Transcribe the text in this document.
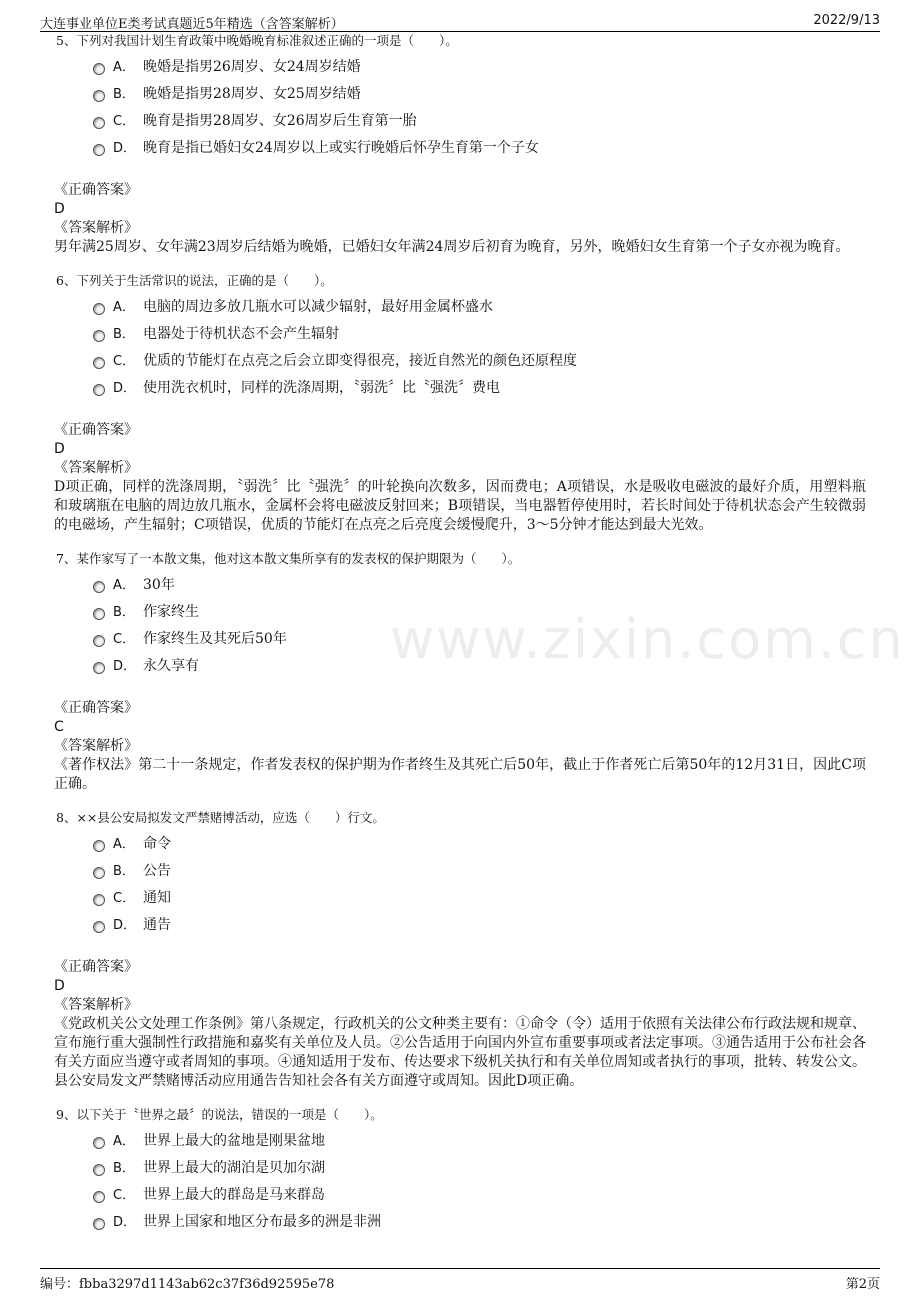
大连事业单位E类考试真题近5年精选（含答案解析）	2022/9/13
www.zixin.com.cn
5、下列对我国计划生育政策中晚婚晚育标准叙述正确的一项是（　　）。
A． 晚婚是指男26周岁、女24周岁结婚
B． 晚婚是指男28周岁、女25周岁结婚
C． 晚育是指男28周岁、女26周岁后生育第一胎
D． 晚育是指已婚妇女24周岁以上或实行晚婚后怀孕生育第一个子女
《正确答案》
D
《答案解析》
男年满25周岁、女年满23周岁后结婚为晚婚，已婚妇女年满24周岁后初育为晚育，另外，晚婚妇女生育第一个子女亦视为晚育。
6、下列关于生活常识的说法，正确的是（　　）。
A． 电脑的周边多放几瓶水可以减少辐射，最好用金属杯盛水
B． 电器处于待机状态不会产生辐射
C． 优质的节能灯在点亮之后会立即变得很亮，接近自然光的颜色还原程度
D． 使用洗衣机时，同样的洗涤周期，〝弱洗〞比〝强洗〞费电
《正确答案》
D
《答案解析》
D项正确，同样的洗涤周期，〝弱洗〞比〝强洗〞的叶轮换向次数多，因而费电；A项错误，水是吸收电磁波的最好介质，用塑料瓶和玻璃瓶在电脑的周边放几瓶水，金属杯会将电磁波反射回来；B项错误，当电器暂停使用时，若长时间处于待机状态会产生较微弱的电磁场，产生辐射；C项错误，优质的节能灯在点亮之后亮度会缓慢爬升，3～5分钟才能达到最大光效。
7、某作家写了一本散文集，他对这本散文集所享有的发表权的保护期限为（　　）。
A． 30年
B． 作家终生
C． 作家终生及其死后50年
D． 永久享有
《正确答案》
C
《答案解析》
《著作权法》第二十一条规定，作者发表权的保护期为作者终生及其死亡后50年，截止于作者死亡后第50年的12月31日，因此C项正确。
8、××县公安局拟发文严禁赌博活动，应选（　　）行文。
A． 命令
B． 公告
C． 通知
D． 通告
《正确答案》
D
《答案解析》
《党政机关公文处理工作条例》第八条规定，行政机关的公文种类主要有：①命令（令）适用于依照有关法律公布行政法规和规章、宣布施行重大强制性行政措施和嘉奖有关单位及人员。②公告适用于向国内外宣布重要事项或者法定事项。③通告适用于公布社会各有关方面应当遵守或者周知的事项。④通知适用于发布、传达要求下级机关执行和有关单位周知或者执行的事项，批转、转发公文。县公安局发文严禁赌博活动应用通告告知社会各有关方面遵守或周知。因此D项正确。
9、以下关于〝世界之最〞的说法，错误的一项是（　　）。
A． 世界上最大的盆地是刚果盆地
B． 世界上最大的湖泊是贝加尔湖
C． 世界上最大的群岛是马来群岛
D． 世界上国家和地区分布最多的洲是非洲
编号：fbba3297d1143ab62c37f36d92595e78	第2页
